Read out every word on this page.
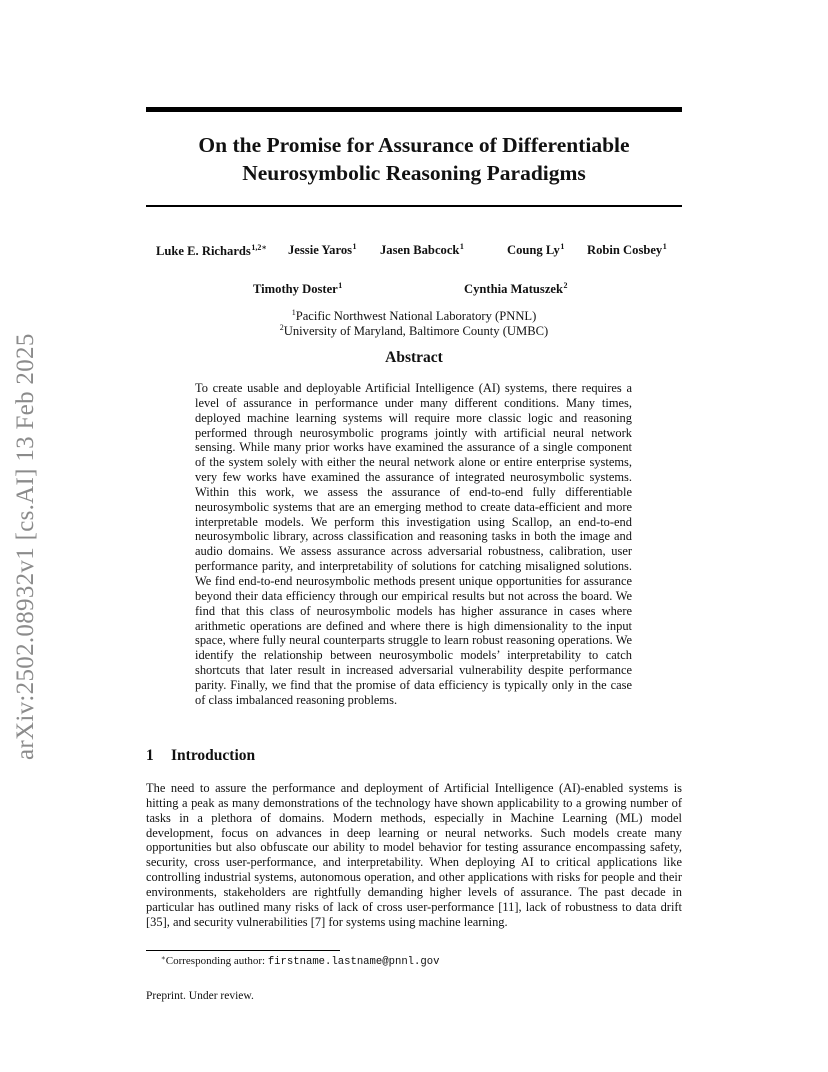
arXiv:2502.08932v1 [cs.AI] 13 Feb 2025
On the Promise for Assurance of Differentiable
Neurosymbolic Reasoning Paradigms
Luke E. Richards$^{1,2∗}$ Jessie Yaros$^1$ Jasen Babcock$^1$	Coung Ly$^1$ Robin Cosbey$^1$
Timothy Doster$^1$	Cynthia Matuszek$^2$
$^1$Pacific Northwest National Laboratory (PNNL)
$^2$University of Maryland, Baltimore County (UMBC)
Abstract
To create usable and deployable Artificial Intelligence (AI) systems, there requires a level of assurance in performance under many different conditions. Many times, deployed machine learning systems will require more classic logic and reasoning performed through neurosymbolic programs jointly with artificial neural network sensing. While many prior works have examined the assurance of a single component of the system solely with either the neural network alone or entire enterprise systems, very few works have examined the assurance of integrated neurosymbolic systems. Within this work, we assess the assurance of end-to-end fully differentiable neurosymbolic systems that are an emerging method to create data-efficient and more interpretable models. We perform this investigation using Scallop, an end-to-end neurosymbolic library, across classification and reasoning tasks in both the image and audio domains. We assess assurance across adversarial robustness, calibration, user performance parity, and interpretability of solutions for catching misaligned solutions. We find end-to-end neurosymbolic methods present unique opportunities for assurance beyond their data efficiency through our empirical results but not across the board. We find that this class of neurosymbolic models has higher assurance in cases where arithmetic operations are defined and where there is high dimensionality to the input space, where fully neural counterparts struggle to learn robust reasoning operations. We identify the relationship between neurosymbolic models’ interpretability to catch shortcuts that later result in increased adversarial vulnerability despite performance parity. Finally, we find that the promise of data efficiency is typically only in the case of class imbalanced reasoning problems.
1 Introduction
The need to assure the performance and deployment of Artificial Intelligence (AI)-enabled systems is hitting a peak as many demonstrations of the technology have shown applicability to a growing number of tasks in a plethora of domains. Modern methods, especially in Machine Learning (ML) model development, focus on advances in deep learning or neural networks. Such models create many opportunities but also obfuscate our ability to model behavior for testing assurance encompassing safety, security, cross user-performance, and interpretability. When deploying AI to critical applications like controlling industrial systems, autonomous operation, and other applications with risks for people and their environments, stakeholders are rightfully demanding higher levels of assurance. The past decade in particular has outlined many risks of lack of cross user-performance [11], lack of robustness to data drift [35], and security vulnerabilities [7] for systems using machine learning.
∗Corresponding author: firstname.lastname@pnnl.gov
Preprint. Under review.
